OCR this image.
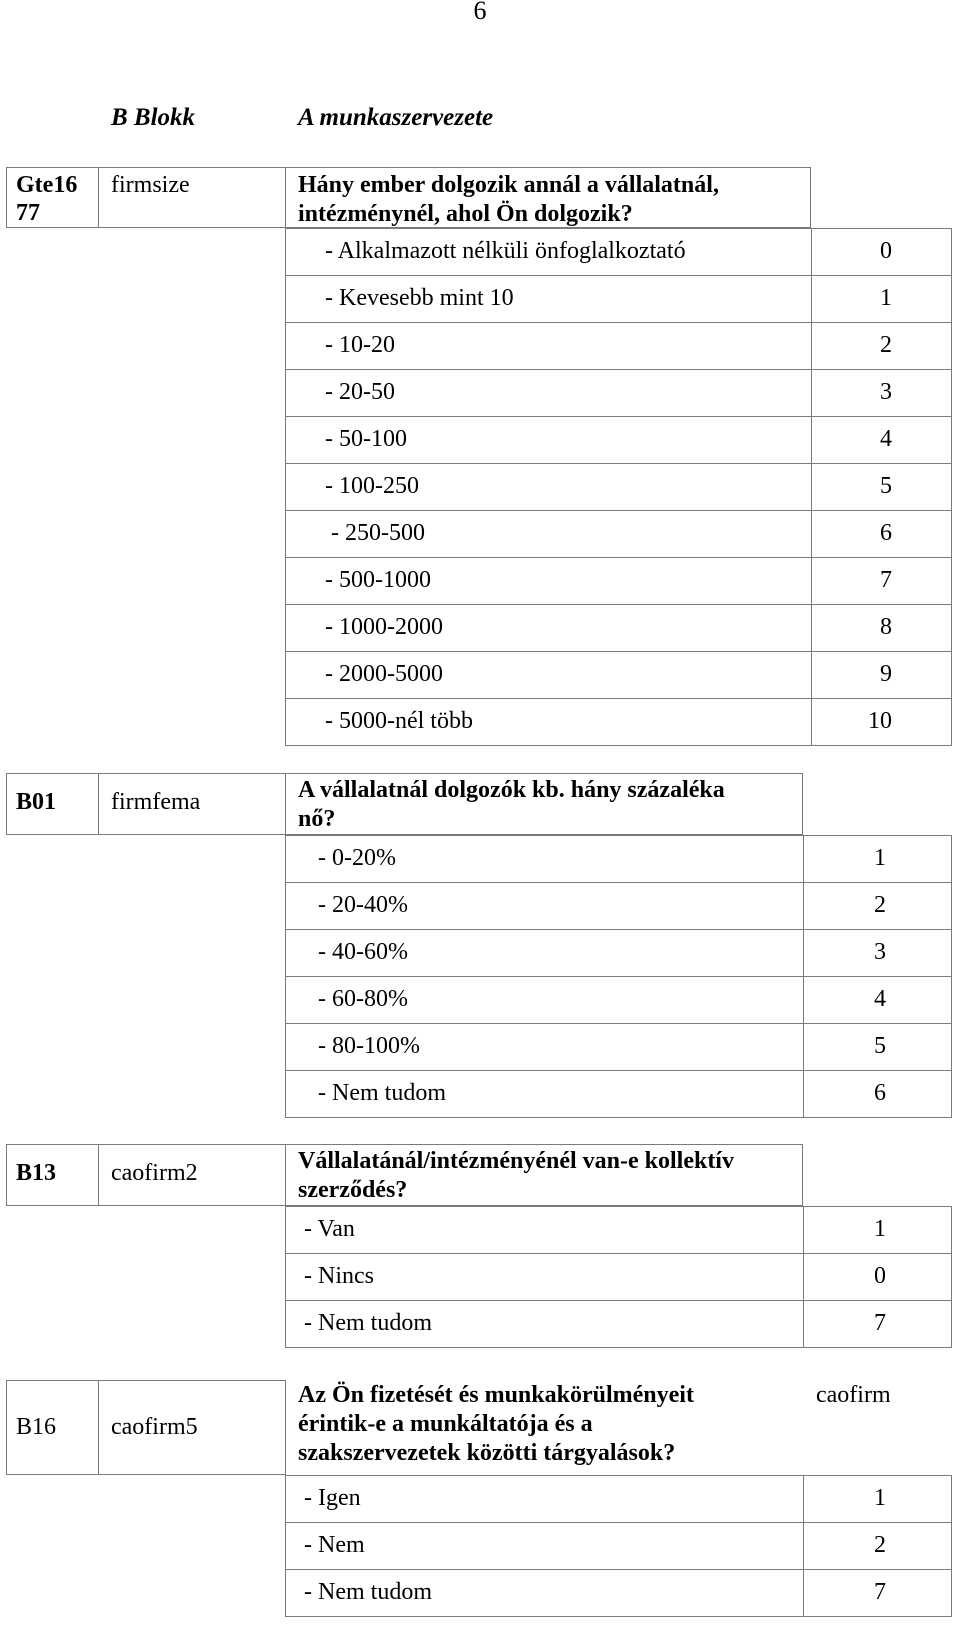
6
B Blokk	A munkaszervezete
Gte16
77
firmsize	Hány ember dolgozik annál a vállalatnál,
intézménynél, ahol Ön dolgozik?
- Alkalmazott nélküli önfoglalkoztató	0
- Kevesebb mint 10	1
- 10-20	2
- 20-50	3
- 50-100	4
- 100-250	5
- 250-500	6
- 500-1000	7
- 1000-2000	8
- 2000-5000	9
- 5000-nél több	10
B01 firmfema	A vállalatnál dolgozók kb. hány százaléka
nő?
- 0-20%	1
- 20-40%	2
- 40-60%	3
- 60-80%	4
- 80-100%	5
- Nem tudom	6
B13 caofirm2	Vállalatánál/intézményénél van-e kollektív
szerződés?
- Van	1
- Nincs	0
- Nem tudom	7
B16 caofirm5
Az Ön fizetését és munkakörülményeit
érintik-e a munkáltatója és a
szakszervezetek közötti tárgyalások?
caofirm
- Igen	1
- Nem	2
- Nem tudom	7
